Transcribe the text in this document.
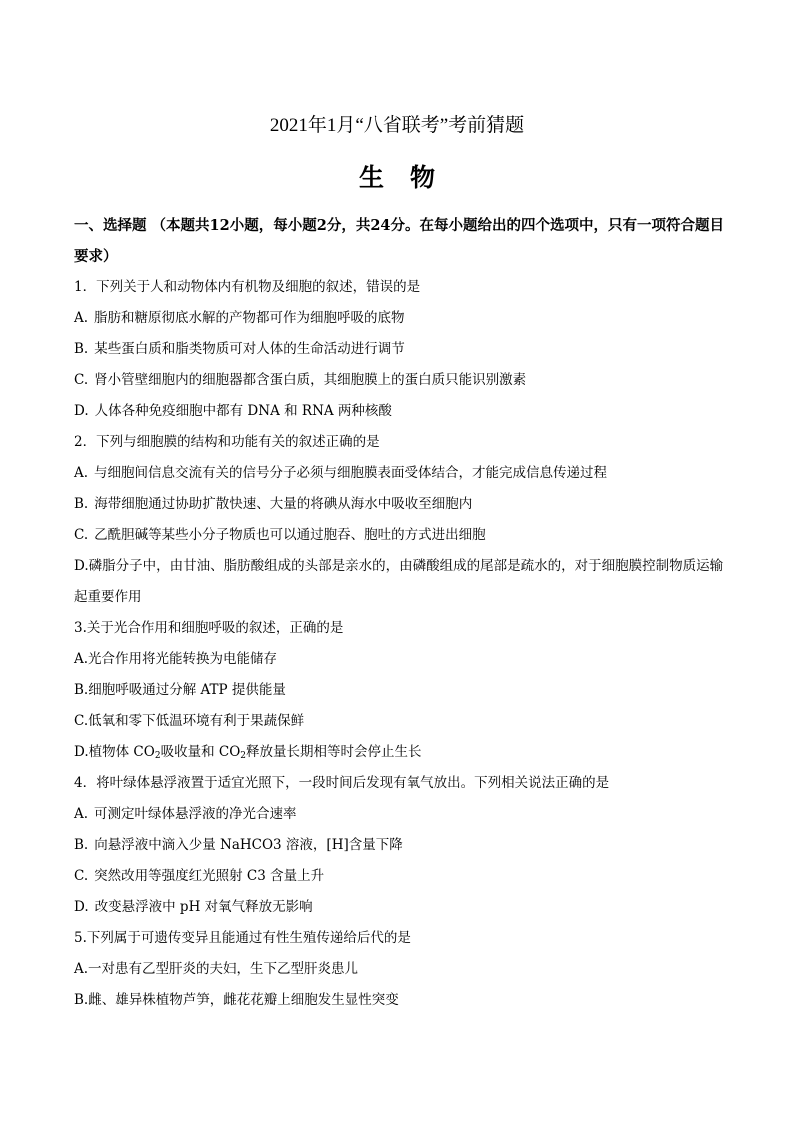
2021年1月“八省联考”考前猜题
生物

一、选择题 （本题共12小题，每小题2分，共24分。在每小题给出的四个选项中，只有一项符合题目要求）

1．下列关于人和动物体内有机物及细胞的叙述，错误的是
A. 脂肪和糖原彻底水解的产物都可作为细胞呼吸的底物
B. 某些蛋白质和脂类物质可对人体的生命活动进行调节
C. 肾小管壁细胞内的细胞器都含蛋白质，其细胞膜上的蛋白质只能识别激素
D. 人体各种免疫细胞中都有 DNA 和 RNA 两种核酸
2．下列与细胞膜的结构和功能有关的叙述正确的是
A. 与细胞间信息交流有关的信号分子必须与细胞膜表面受体结合，才能完成信息传递过程
B. 海带细胞通过协助扩散快速、大量的将碘从海水中吸收至细胞内
C. 乙酰胆碱等某些小分子物质也可以通过胞吞、胞吐的方式进出细胞
D.磷脂分子中，由甘油、脂肪酸组成的头部是亲水的，由磷酸组成的尾部是疏水的，对于细胞膜控制物质运输起重要作用
3.关于光合作用和细胞呼吸的叙述，正确的是
A.光合作用将光能转换为电能储存
B.细胞呼吸通过分解 ATP 提供能量
C.低氧和零下低温环境有利于果蔬保鲜
D.植物体 $CO_2$吸收量和 $CO_2$释放量长期相等时会停止生长
4．将叶绿体悬浮液置于适宜光照下，一段时间后发现有氧气放出。下列相关说法正确的是
A. 可测定叶绿体悬浮液的净光合速率
B. 向悬浮液中滴入少量 NaHCO3 溶液，[H]含量下降
C. 突然改用等强度红光照射 C3 含量上升
D. 改变悬浮液中 pH 对氧气释放无影响
5.下列属于可遗传变异且能通过有性生殖传递给后代的是
A.一对患有乙型肝炎的夫妇，生下乙型肝炎患儿
B.雌、雄异株植物芦笋，雌花花瓣上细胞发生显性突变
